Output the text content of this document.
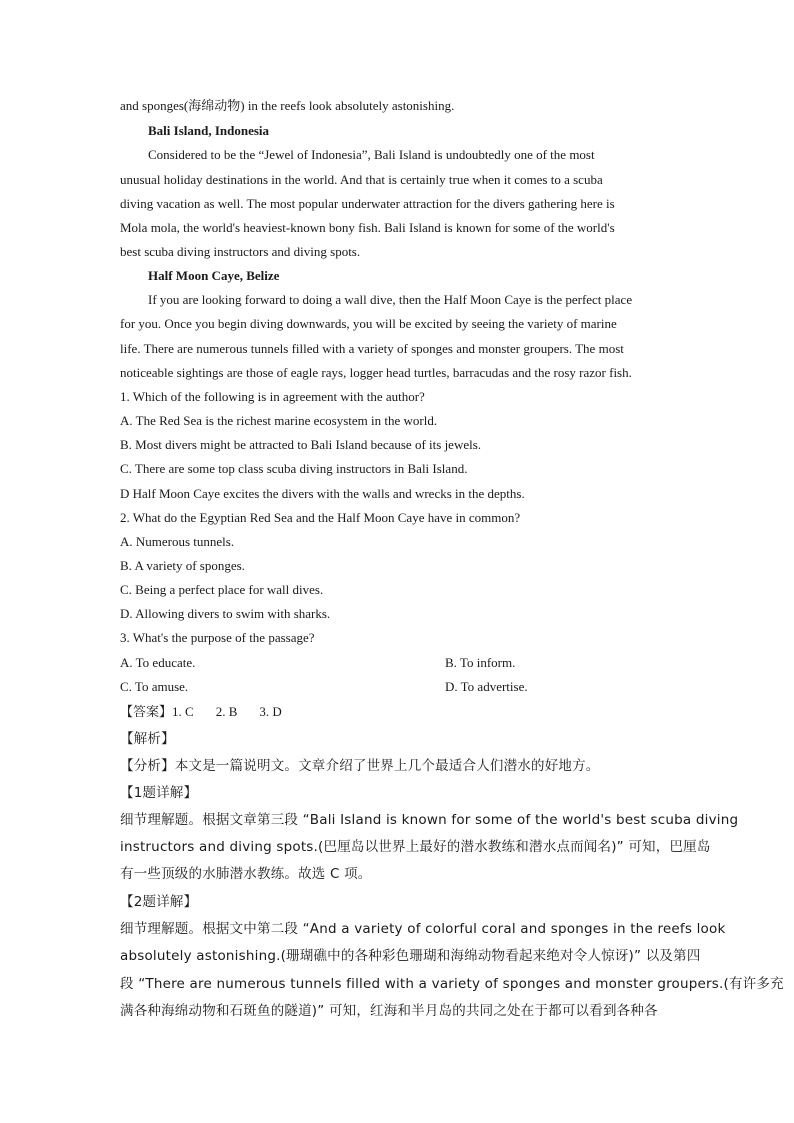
and sponges(海绵动物) in the reefs look absolutely astonishing.
Bali Island, Indonesia
Considered to be the “Jewel of Indonesia”, Bali Island is undoubtedly one of the most
unusual holiday destinations in the world. And that is certainly true when it comes to a scuba
diving vacation as well. The most popular underwater attraction for the divers gathering here is
Mola mola, the world's heaviest-known bony fish. Bali Island is known for some of the world's
best scuba diving instructors and diving spots.
Half Moon Caye, Belize
If you are looking forward to doing a wall dive, then the Half Moon Caye is the perfect place
for you. Once you begin diving downwards, you will be excited by seeing the variety of marine
life. There are numerous tunnels filled with a variety of sponges and monster groupers. The most
noticeable sightings are those of eagle rays, logger head turtles, barracudas and the rosy razor fish.
1. Which of the following is in agreement with the author?
A. The Red Sea is the richest marine ecosystem in the world.
B. Most divers might be attracted to Bali Island because of its jewels.
C. There are some top class scuba diving instructors in Bali Island.
D Half Moon Caye excites the divers with the walls and wrecks in the depths.
2. What do the Egyptian Red Sea and the Half Moon Caye have in common?
A. Numerous tunnels.
B. A variety of sponges.
C. Being a perfect place for wall dives.
D. Allowing divers to swim with sharks.
3. What's the purpose of the passage?
A. To educate.	B. To inform.
C. To amuse.	D. To advertise.
【答案】1. C 2. B 3. D
【解析】
【分析】本文是一篇说明文。文章介绍了世界上几个最适合人们潜水的好地方。
【1题详解】
细节理解题。根据文章第三段 “Bali Island is known for some of the world's best scuba diving
instructors and diving spots.(巴厘岛以世界上最好的潜水教练和潜水点而闻名)” 可知，巴厘岛
有一些顶级的水肺潜水教练。故选 C 项。
【2题详解】
细节理解题。根据文中第二段 “And a variety of colorful coral and sponges in the reefs look
absolutely astonishing.(珊瑚礁中的各种彩色珊瑚和海绵动物看起来绝对令人惊讶)” 以及第四
段 “There are numerous tunnels filled with a variety of sponges and monster groupers.(有许多充
满各种海绵动物和石斑鱼的隧道)” 可知，红海和半月岛的共同之处在于都可以看到各种各
